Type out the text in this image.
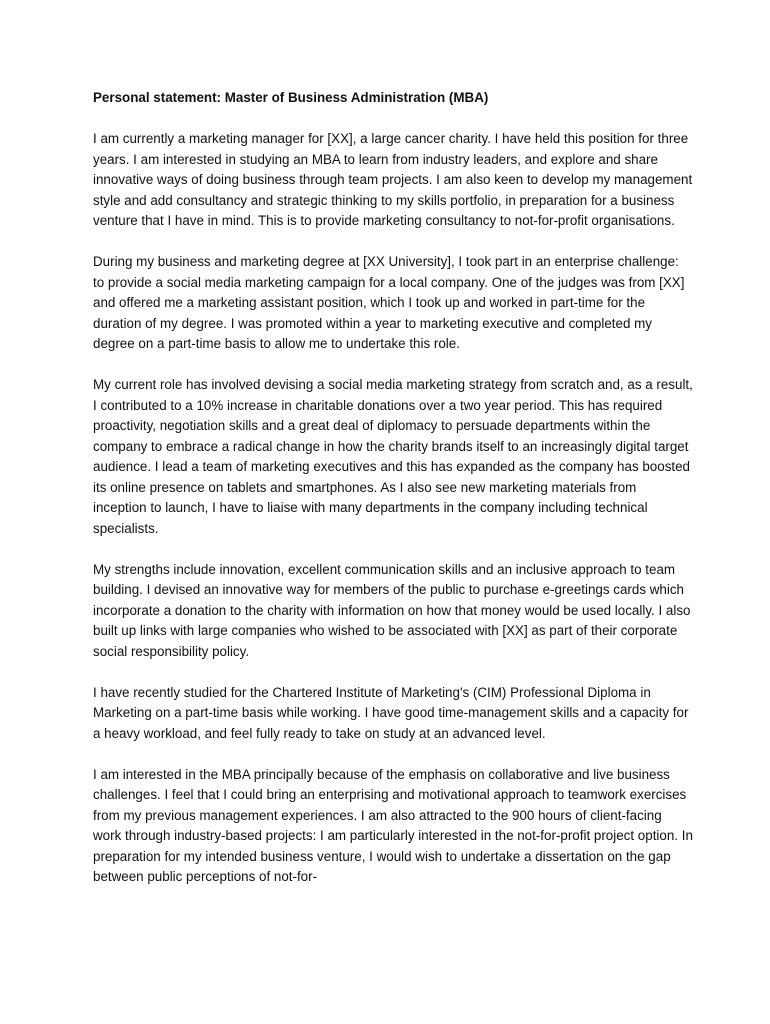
Personal statement: Master of Business Administration (MBA)

I am currently a marketing manager for [XX], a large cancer charity. I have held this position for three years. I am interested in studying an MBA to learn from industry leaders, and explore and share innovative ways of doing business through team projects. I am also keen to develop my management style and add consultancy and strategic thinking to my skills portfolio, in preparation for a business venture that I have in mind. This is to provide marketing consultancy to not-for-profit organisations.

During my business and marketing degree at [XX University], I took part in an enterprise challenge: to provide a social media marketing campaign for a local company. One of the judges was from [XX] and offered me a marketing assistant position, which I took up and worked in part-time for the duration of my degree. I was promoted within a year to marketing executive and completed my degree on a part-time basis to allow me to undertake this role.

My current role has involved devising a social media marketing strategy from scratch and, as a result, I contributed to a 10% increase in charitable donations over a two year period. This has required proactivity, negotiation skills and a great deal of diplomacy to persuade departments within the company to embrace a radical change in how the charity brands itself to an increasingly digital target audience. I lead a team of marketing executives and this has expanded as the company has boosted its online presence on tablets and smartphones. As I also see new marketing materials from inception to launch, I have to liaise with many departments in the company including technical specialists.

My strengths include innovation, excellent communication skills and an inclusive approach to team building. I devised an innovative way for members of the public to purchase e-greetings cards which incorporate a donation to the charity with information on how that money would be used locally. I also built up links with large companies who wished to be associated with [XX] as part of their corporate social responsibility policy.

I have recently studied for the Chartered Institute of Marketing's (CIM) Professional Diploma in Marketing on a part-time basis while working. I have good time-management skills and a capacity for a heavy workload, and feel fully ready to take on study at an advanced level.

I am interested in the MBA principally because of the emphasis on collaborative and live business challenges. I feel that I could bring an enterprising and motivational approach to teamwork exercises from my previous management experiences. I am also attracted to the 900 hours of client-facing work through industry-based projects: I am particularly interested in the not-for-profit project option. In preparation for my intended business venture, I would wish to undertake a dissertation on the gap between public perceptions of not-for-
